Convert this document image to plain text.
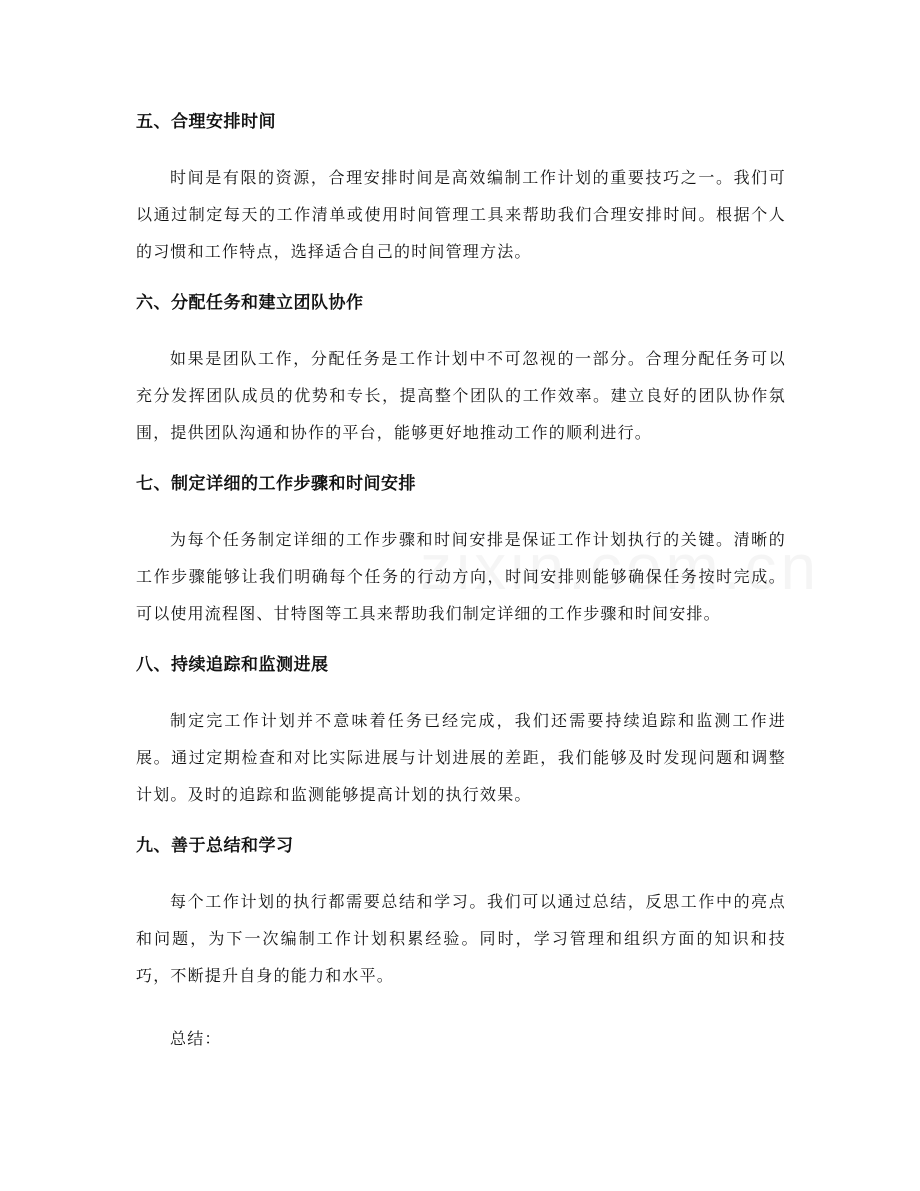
五、合理安排时间

时间是有限的资源，合理安排时间是高效编制工作计划的重要技巧之一。我们可以通过制定每天的工作清单或使用时间管理工具来帮助我们合理安排时间。根据个人的习惯和工作特点，选择适合自己的时间管理方法。

六、分配任务和建立团队协作

如果是团队工作，分配任务是工作计划中不可忽视的一部分。合理分配任务可以充分发挥团队成员的优势和专长，提高整个团队的工作效率。建立良好的团队协作氛围，提供团队沟通和协作的平台，能够更好地推动工作的顺利进行。

七、制定详细的工作步骤和时间安排

为每个任务制定详细的工作步骤和时间安排是保证工作计划执行的关键。清晰的工作步骤能够让我们明确每个任务的行动方向，时间安排则能够确保任务按时完成。可以使用流程图、甘特图等工具来帮助我们制定详细的工作步骤和时间安排。

八、持续追踪和监测进展

制定完工作计划并不意味着任务已经完成，我们还需要持续追踪和监测工作进展。通过定期检查和对比实际进展与计划进展的差距，我们能够及时发现问题和调整计划。及时的追踪和监测能够提高计划的执行效果。

九、善于总结和学习

每个工作计划的执行都需要总结和学习。我们可以通过总结，反思工作中的亮点和问题，为下一次编制工作计划积累经验。同时，学习管理和组织方面的知识和技巧，不断提升自身的能力和水平。

总结：
